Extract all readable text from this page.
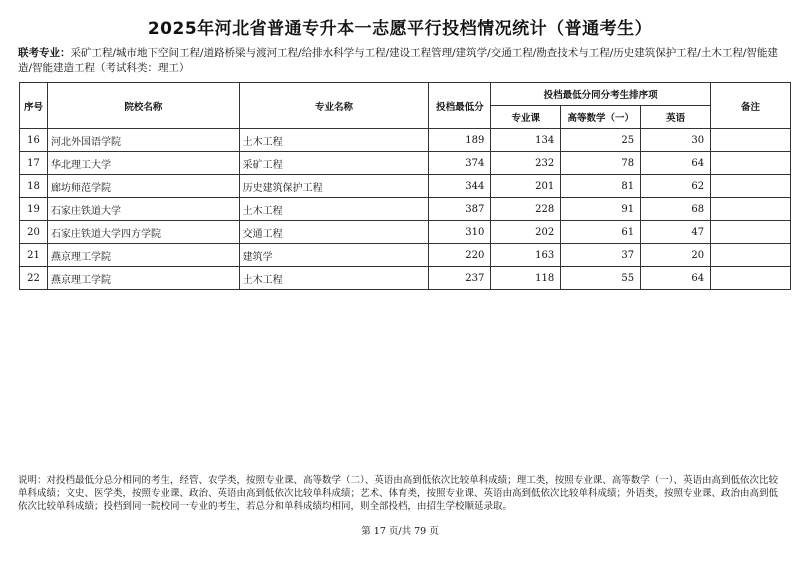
2025年河北省普通专升本一志愿平行投档情况统计（普通考生）
联考专业：采矿工程/城市地下空间工程/道路桥梁与渡河工程/给排水科学与工程/建设工程管理/建筑学/交通工程/勘查技术与工程/历史建筑保护工程/土木工程/智能建造/智能建造工程（考试科类：理工）
序号	院校名称	专业名称	投档最低分	投档最低分同分考生排序项			备注
				专业课	高等数学（一）	英语	
16	河北外国语学院	土木工程	189	134	25	30	
17	华北理工大学	采矿工程	374	232	78	64	
18	廊坊师范学院	历史建筑保护工程	344	201	81	62	
19	石家庄铁道大学	土木工程	387	228	91	68	
20	石家庄铁道大学四方学院	交通工程	310	202	61	47	
21	燕京理工学院	建筑学	220	163	37	20	
22	燕京理工学院	土木工程	237	118	55	64	
说明：对投档最低分总分相同的考生，经管、农学类，按照专业课、高等数学（二）、英语由高到低依次比较单科成绩；理工类，按照专业课、高等数学（一）、英语由高到低依次比较单科成绩；文史、医学类，按照专业课、政治、英语由高到低依次比较单科成绩；艺术、体育类，按照专业课、英语由高到低依次比较单科成绩；外语类，按照专业课、政治由高到低依次比较单科成绩；投档到同一院校同一专业的考生，若总分和单科成绩均相同，则全部投档，由招生学校顺延录取。
第 17 页/共 79 页
